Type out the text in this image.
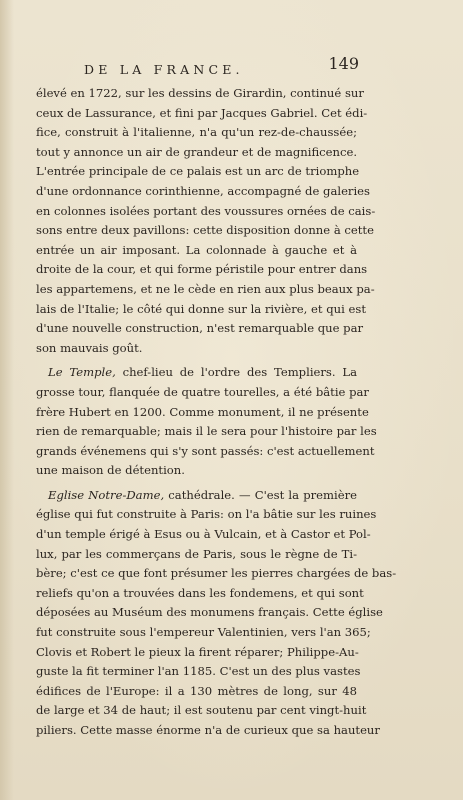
DE LA FRANCE.	149
élevé en 1722, sur les dessins de Girardin, continué sur
ceux de Lassurance, et fini par Jacques Gabriel. Cet édi-
fice, construit à l'italienne, n'a qu'un rez-de-chaussée;
tout y annonce un air de grandeur et de magnificence.
L'entrée principale de ce palais est un arc de triomphe
d'une ordonnance corinthienne, accompagné de galeries
en colonnes isolées portant des voussures ornées de cais-
sons entre deux pavillons: cette disposition donne à cette
entrée un air imposant. La colonnade à gauche et à
droite de la cour, et qui forme péristile pour entrer dans
les appartemens, et ne le cède en rien aux plus beaux pa-
lais de l'Italie; le côté qui donne sur la rivière, et qui est
d'une nouvelle construction, n'est remarquable que par
son mauvais goût.
Le Temple, chef-lieu de l'ordre des Templiers. La
grosse tour, flanquée de quatre tourelles, a été bâtie par
frère Hubert en 1200. Comme monument, il ne présente
rien de remarquable; mais il le sera pour l'histoire par les
grands événemens qui s'y sont passés: c'est actuellement
une maison de détention.
Eglise Notre-Dame, cathédrale. — C'est la première
église qui fut construite à Paris: on l'a bâtie sur les ruines
d'un temple érigé à Esus ou à Vulcain, et à Castor et Pol-
lux, par les commerçans de Paris, sous le règne de Ti-
bère; c'est ce que font présumer les pierres chargées de bas-
reliefs qu'on a trouvées dans les fondemens, et qui sont
déposées au Muséum des monumens français. Cette église
fut construite sous l'empereur Valentinien, vers l'an 365;
Clovis et Robert le pieux la firent réparer; Philippe-Au-
guste la fit terminer l'an 1185. C'est un des plus vastes
édifices de l'Europe: il a 130 mètres de long, sur 48
de large et 34 de haut; il est soutenu par cent vingt-huit
piliers. Cette masse énorme n'a de curieux que sa hauteur
